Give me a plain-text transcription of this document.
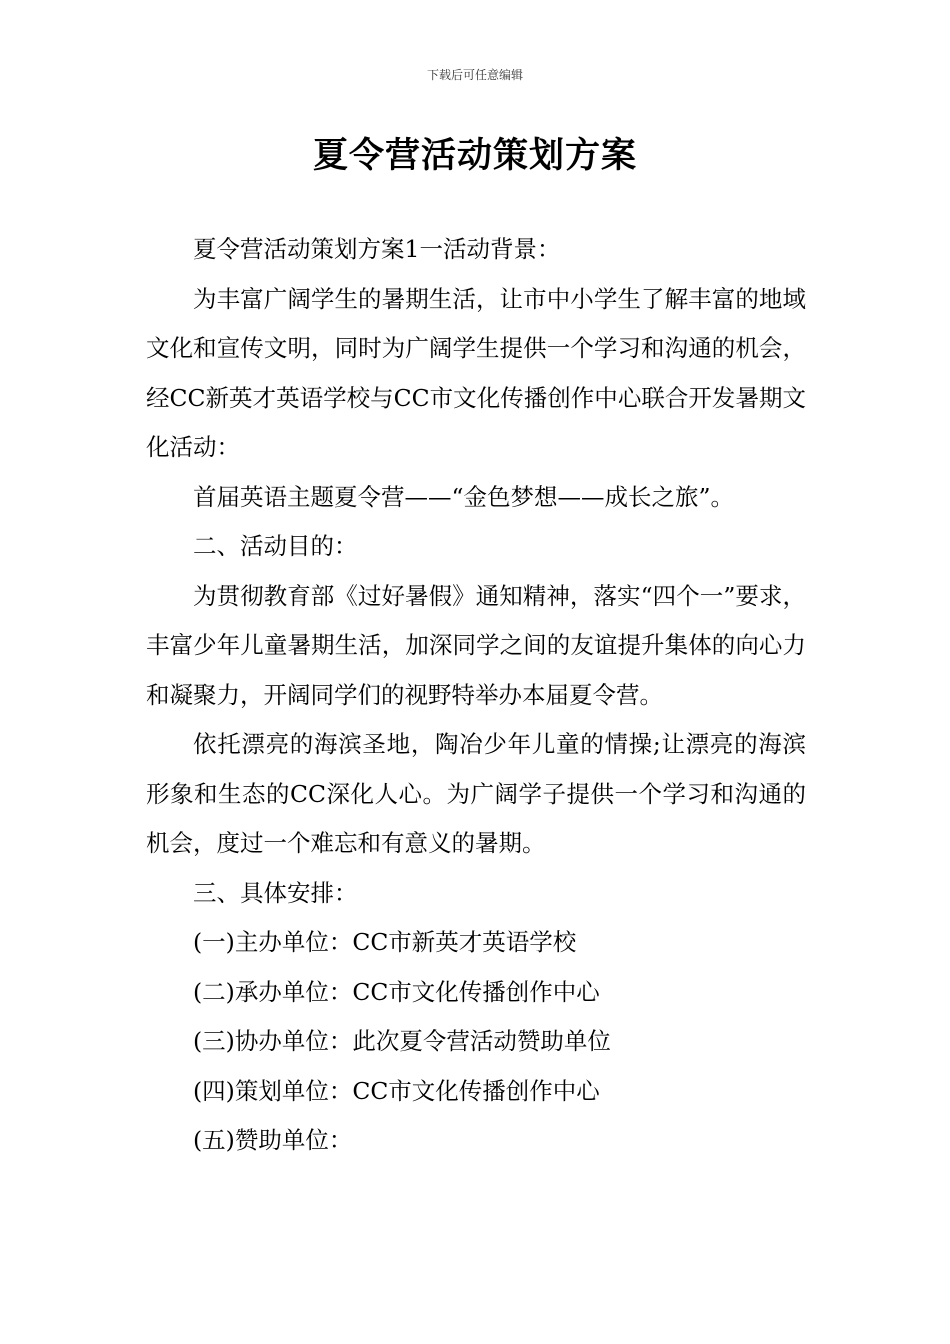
下载后可任意编辑
夏令营活动策划方案

夏令营活动策划方案1一活动背景：

为丰富广阔学生的暑期生活，让市中小学生了解丰富的地域文化和宣传文明，同时为广阔学生提供一个学习和沟通的机会，经CC新英才英语学校与CC市文化传播创作中心联合开发暑期文化活动：

首届英语主题夏令营——“金色梦想——成长之旅”。

二、活动目的：

为贯彻教育部《过好暑假》通知精神，落实“四个一”要求，丰富少年儿童暑期生活，加深同学之间的友谊提升集体的向心力和凝聚力，开阔同学们的视野特举办本届夏令营。

依托漂亮的海滨圣地，陶冶少年儿童的情操;让漂亮的海滨形象和生态的CC深化人心。为广阔学子提供一个学习和沟通的机会，度过一个难忘和有意义的暑期。

三、具体安排：

(一)主办单位：CC市新英才英语学校

(二)承办单位：CC市文化传播创作中心

(三)协办单位：此次夏令营活动赞助单位

(四)策划单位：CC市文化传播创作中心

(五)赞助单位：
